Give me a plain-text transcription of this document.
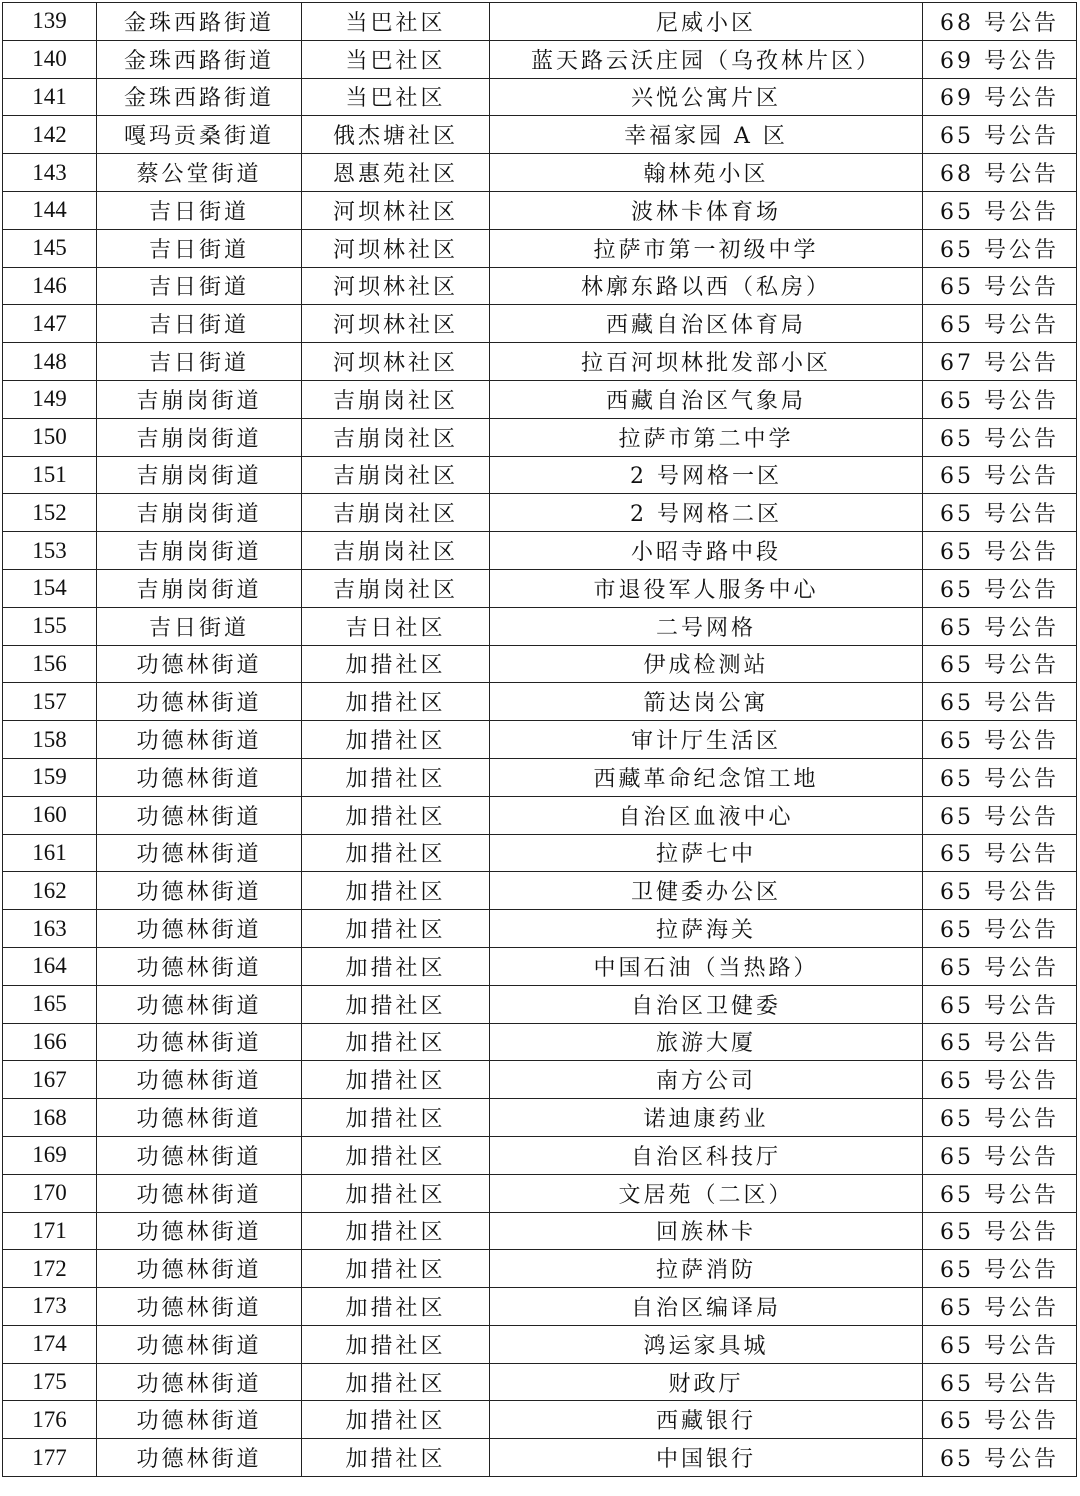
139	金珠西路街道	当巴社区	尼威小区	68 号公告
140	金珠西路街道	当巴社区	蓝天路云沃庄园（乌孜林片区）	69 号公告
141	金珠西路街道	当巴社区	兴悦公寓片区	69 号公告
142	嘎玛贡桑街道	俄杰塘社区	幸福家园 A 区	65 号公告
143	蔡公堂街道	恩惠苑社区	翰林苑小区	68 号公告
144	吉日街道	河坝林社区	波林卡体育场	65 号公告
145	吉日街道	河坝林社区	拉萨市第一初级中学	65 号公告
146	吉日街道	河坝林社区	林廓东路以西（私房）	65 号公告
147	吉日街道	河坝林社区	西藏自治区体育局	65 号公告
148	吉日街道	河坝林社区	拉百河坝林批发部小区	67 号公告
149	吉崩岗街道	吉崩岗社区	西藏自治区气象局	65 号公告
150	吉崩岗街道	吉崩岗社区	拉萨市第二中学	65 号公告
151	吉崩岗街道	吉崩岗社区	2 号网格一区	65 号公告
152	吉崩岗街道	吉崩岗社区	2 号网格二区	65 号公告
153	吉崩岗街道	吉崩岗社区	小昭寺路中段	65 号公告
154	吉崩岗街道	吉崩岗社区	市退役军人服务中心	65 号公告
155	吉日街道	吉日社区	二号网格	65 号公告
156	功德林街道	加措社区	伊成检测站	65 号公告
157	功德林街道	加措社区	箭达岗公寓	65 号公告
158	功德林街道	加措社区	审计厅生活区	65 号公告
159	功德林街道	加措社区	西藏革命纪念馆工地	65 号公告
160	功德林街道	加措社区	自治区血液中心	65 号公告
161	功德林街道	加措社区	拉萨七中	65 号公告
162	功德林街道	加措社区	卫健委办公区	65 号公告
163	功德林街道	加措社区	拉萨海关	65 号公告
164	功德林街道	加措社区	中国石油（当热路）	65 号公告
165	功德林街道	加措社区	自治区卫健委	65 号公告
166	功德林街道	加措社区	旅游大厦	65 号公告
167	功德林街道	加措社区	南方公司	65 号公告
168	功德林街道	加措社区	诺迪康药业	65 号公告
169	功德林街道	加措社区	自治区科技厅	65 号公告
170	功德林街道	加措社区	文居苑（二区）	65 号公告
171	功德林街道	加措社区	回族林卡	65 号公告
172	功德林街道	加措社区	拉萨消防	65 号公告
173	功德林街道	加措社区	自治区编译局	65 号公告
174	功德林街道	加措社区	鸿运家具城	65 号公告
175	功德林街道	加措社区	财政厅	65 号公告
176	功德林街道	加措社区	西藏银行	65 号公告
177	功德林街道	加措社区	中国银行	65 号公告
